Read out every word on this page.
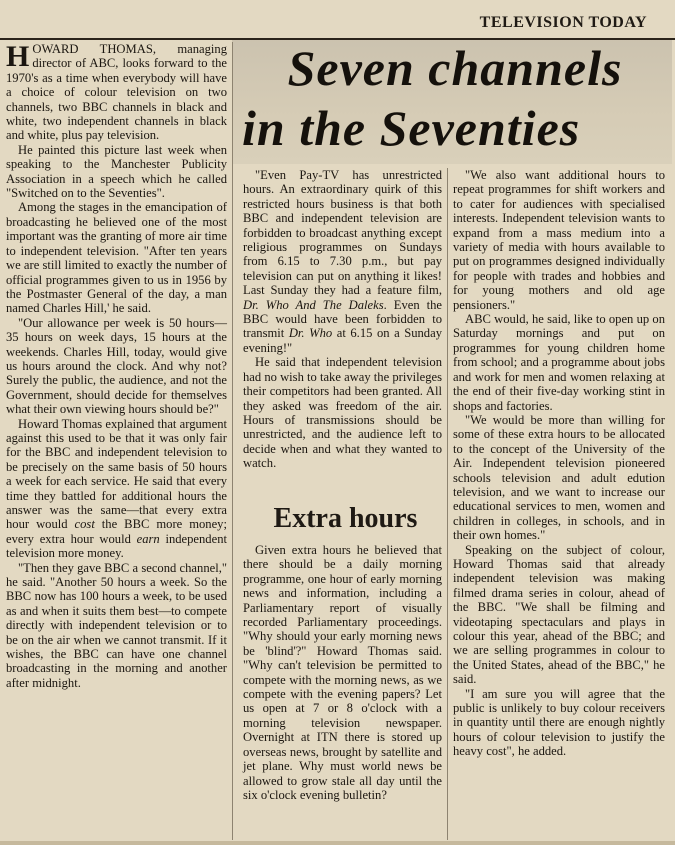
TELEVISION TODAY
Seven channels
in the Seventies

HOWARD THOMAS, managing director of ABC, looks forward to the 1970's as a time when everybody will have a choice of colour television on two channels, two BBC channels in black and white, two independent channels in black and white, plus pay television.

He painted this picture last week when speaking to the Manchester Publicity Association in a speech which he called "Switched on to the Seventies".

Among the stages in the emancipation of broadcasting he believed one of the most important was the granting of more air time to independent television. "After ten years we are still limited to exactly the number of official programmes given to us in 1956 by the Postmaster General of the day, a man named Charles Hill,' he said.

"Our allowance per week is 50 hours—35 hours on week days, 15 hours at the weekends. Charles Hill, today, would give us hours around the clock. And why not? Surely the public, the audience, and not the Government, should decide for themselves what their own viewing hours should be?"

Howard Thomas explained that argument against this used to be that it was only fair for the BBC and independent television to be precisely on the same basis of 50 hours a week for each service. He said that every time they battled for additional hours the answer was the same—that every extra hour would cost the BBC more money; every extra hour would earn independent television more money.

"Then they gave BBC a second channel," he said. "Another 50 hours a week. So the BBC now has 100 hours a week, to be used as and when it suits them best—to compete directly with independent television or to be on the air when we cannot transmit. If it wishes, the BBC can have one channel broadcasting in the morning and another after midnight.

"Even Pay-TV has unrestricted hours. An extraordinary quirk of this restricted hours business is that both BBC and independent television are forbidden to broadcast anything except religious programmes on Sundays from 6.15 to 7.30 p.m., but pay television can put on anything it likes! Last Sunday they had a feature film, Dr. Who And The Daleks. Even the BBC would have been forbidden to transmit Dr. Who at 6.15 on a Sunday evening!"

He said that independent television had no wish to take away the privileges their competitors had been granted. All they asked was freedom of the air. Hours of transmissions should be unrestricted, and the audience left to decide when and what they wanted to watch.

Extra hours

Given extra hours he believed that there should be a daily morning programme, one hour of early morning news and information, including a Parliamentary report of visually recorded Parliamentary proceedings. "Why should your early morning news be 'blind'?" Howard Thomas said. "Why can't television be permitted to compete with the morning news, as we compete with the evening papers? Let us open at 7 or 8 o'clock with a morning television newspaper. Overnight at ITN there is stored up overseas news, brought by satellite and jet plane. Why must world news be allowed to grow stale all day until the six o'clock evening bulletin?

"We also want additional hours to repeat programmes for shift workers and to cater for audiences with specialised interests. Independent television wants to expand from a mass medium into a variety of media with hours available to put on programmes designed individually for people with trades and hobbies and for young mothers and old age pensioners."

ABC would, he said, like to open up on Saturday mornings and put on programmes for young children home from school; and a programme about jobs and work for men and women relaxing at the end of their five-day working stint in shops and factories.

"We would be more than willing for some of these extra hours to be allocated to the concept of the University of the Air. Independent television pioneered schools television and adult edution television, and we want to increase our educational services to men, women and children in colleges, in schools, and in their own homes."

Speaking on the subject of colour, Howard Thomas said that already independent television was making filmed drama series in colour, ahead of the BBC. "We shall be filming and videotaping spectaculars and plays in colour this year, ahead of the BBC; and we are selling programmes in colour to the United States, ahead of the BBC," he said.

"I am sure you will agree that the public is unlikely to buy colour receivers in quantity until there are enough nightly hours of colour television to justify the heavy cost", he added.
